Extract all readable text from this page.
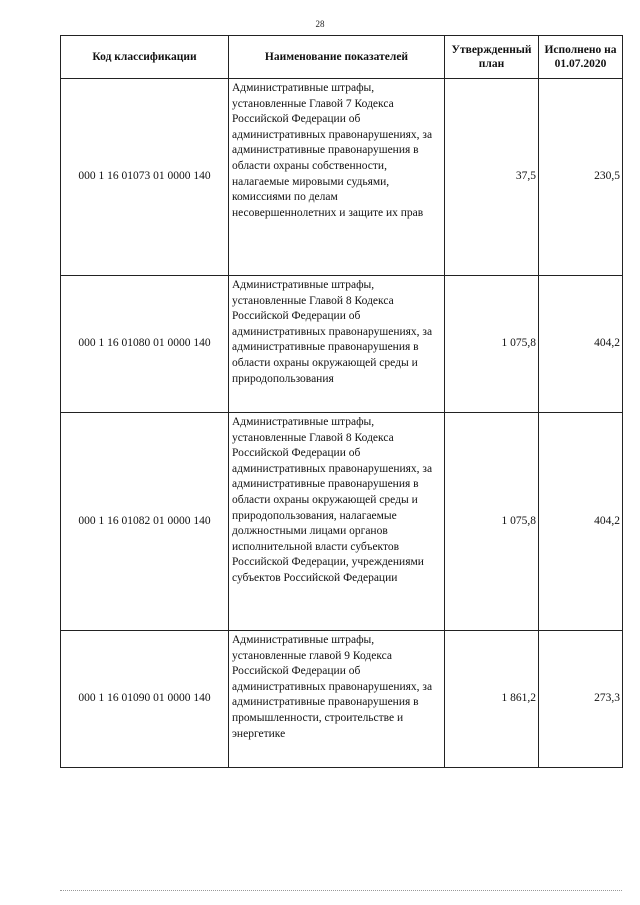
28
Код классификации	Наименование показателей	Утвержденный план	Исполнено на 01.07.2020
000 1 16 01073 01 0000 140	Административные штрафы, установленные Главой 7 Кодекса Российской Федерации об административных правонарушениях, за административные правонарушения в области охраны собственности, налагаемые мировыми судьями, комиссиями по делам несовершеннолетних и защите их прав	37,5	230,5
000 1 16 01080 01 0000 140	Административные штрафы, установленные Главой 8 Кодекса Российской Федерации об административных правонарушениях, за административные правонарушения в области охраны окружающей среды и природопользования	1 075,8	404,2
000 1 16 01082 01 0000 140	Административные штрафы, установленные Главой 8 Кодекса Российской Федерации об административных правонарушениях, за административные правонарушения в области охраны окружающей среды и природопользования, налагаемые должностными лицами органов исполнительной власти субъектов Российской Федерации, учреждениями субъектов Российской Федерации	1 075,8	404,2
000 1 16 01090 01 0000 140	Административные штрафы, установленные главой 9 Кодекса Российской Федерации об административных правонарушениях, за административные правонарушения в промышленности, строительстве и энергетике	1 861,2	273,3
